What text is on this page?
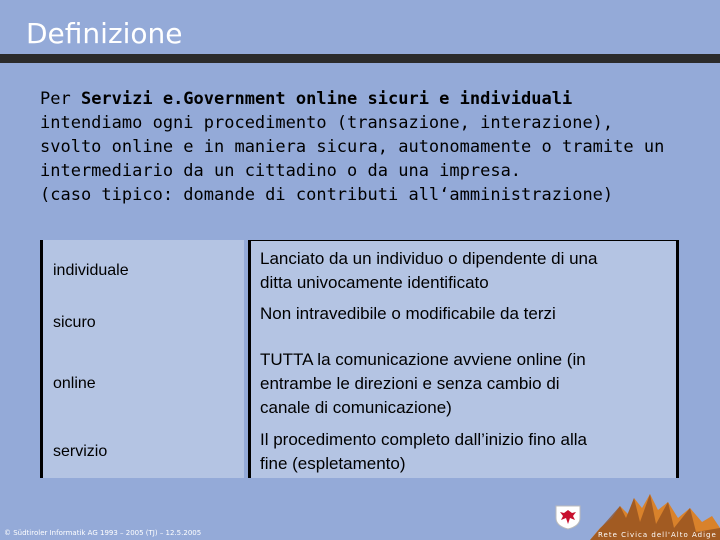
Definizione
Per Servizi e.Government online sicuri e individuali
intendiamo ogni procedimento (transazione, interazione),
svolto online e in maniera sicura, autonomamente o tramite un
intermediario da un cittadino o da una impresa.
(caso tipico: domande di contributi all‘amministrazione)
individuale
sicuro
online
servizio
Lanciato da un individuo o dipendente di una
ditta univocamente identificato
Non intravedibile o modificabile da terzi
TUTTA la comunicazione avviene online (in
entrambe le direzioni e senza cambio di
canale di comunicazione)
Il procedimento completo dall’inizio fino alla
fine (espletamento)
© Südtiroler Informatik AG 1993 – 2005 (TJ) – 12.5.2005	Rete Civica dell'Alto Adige
